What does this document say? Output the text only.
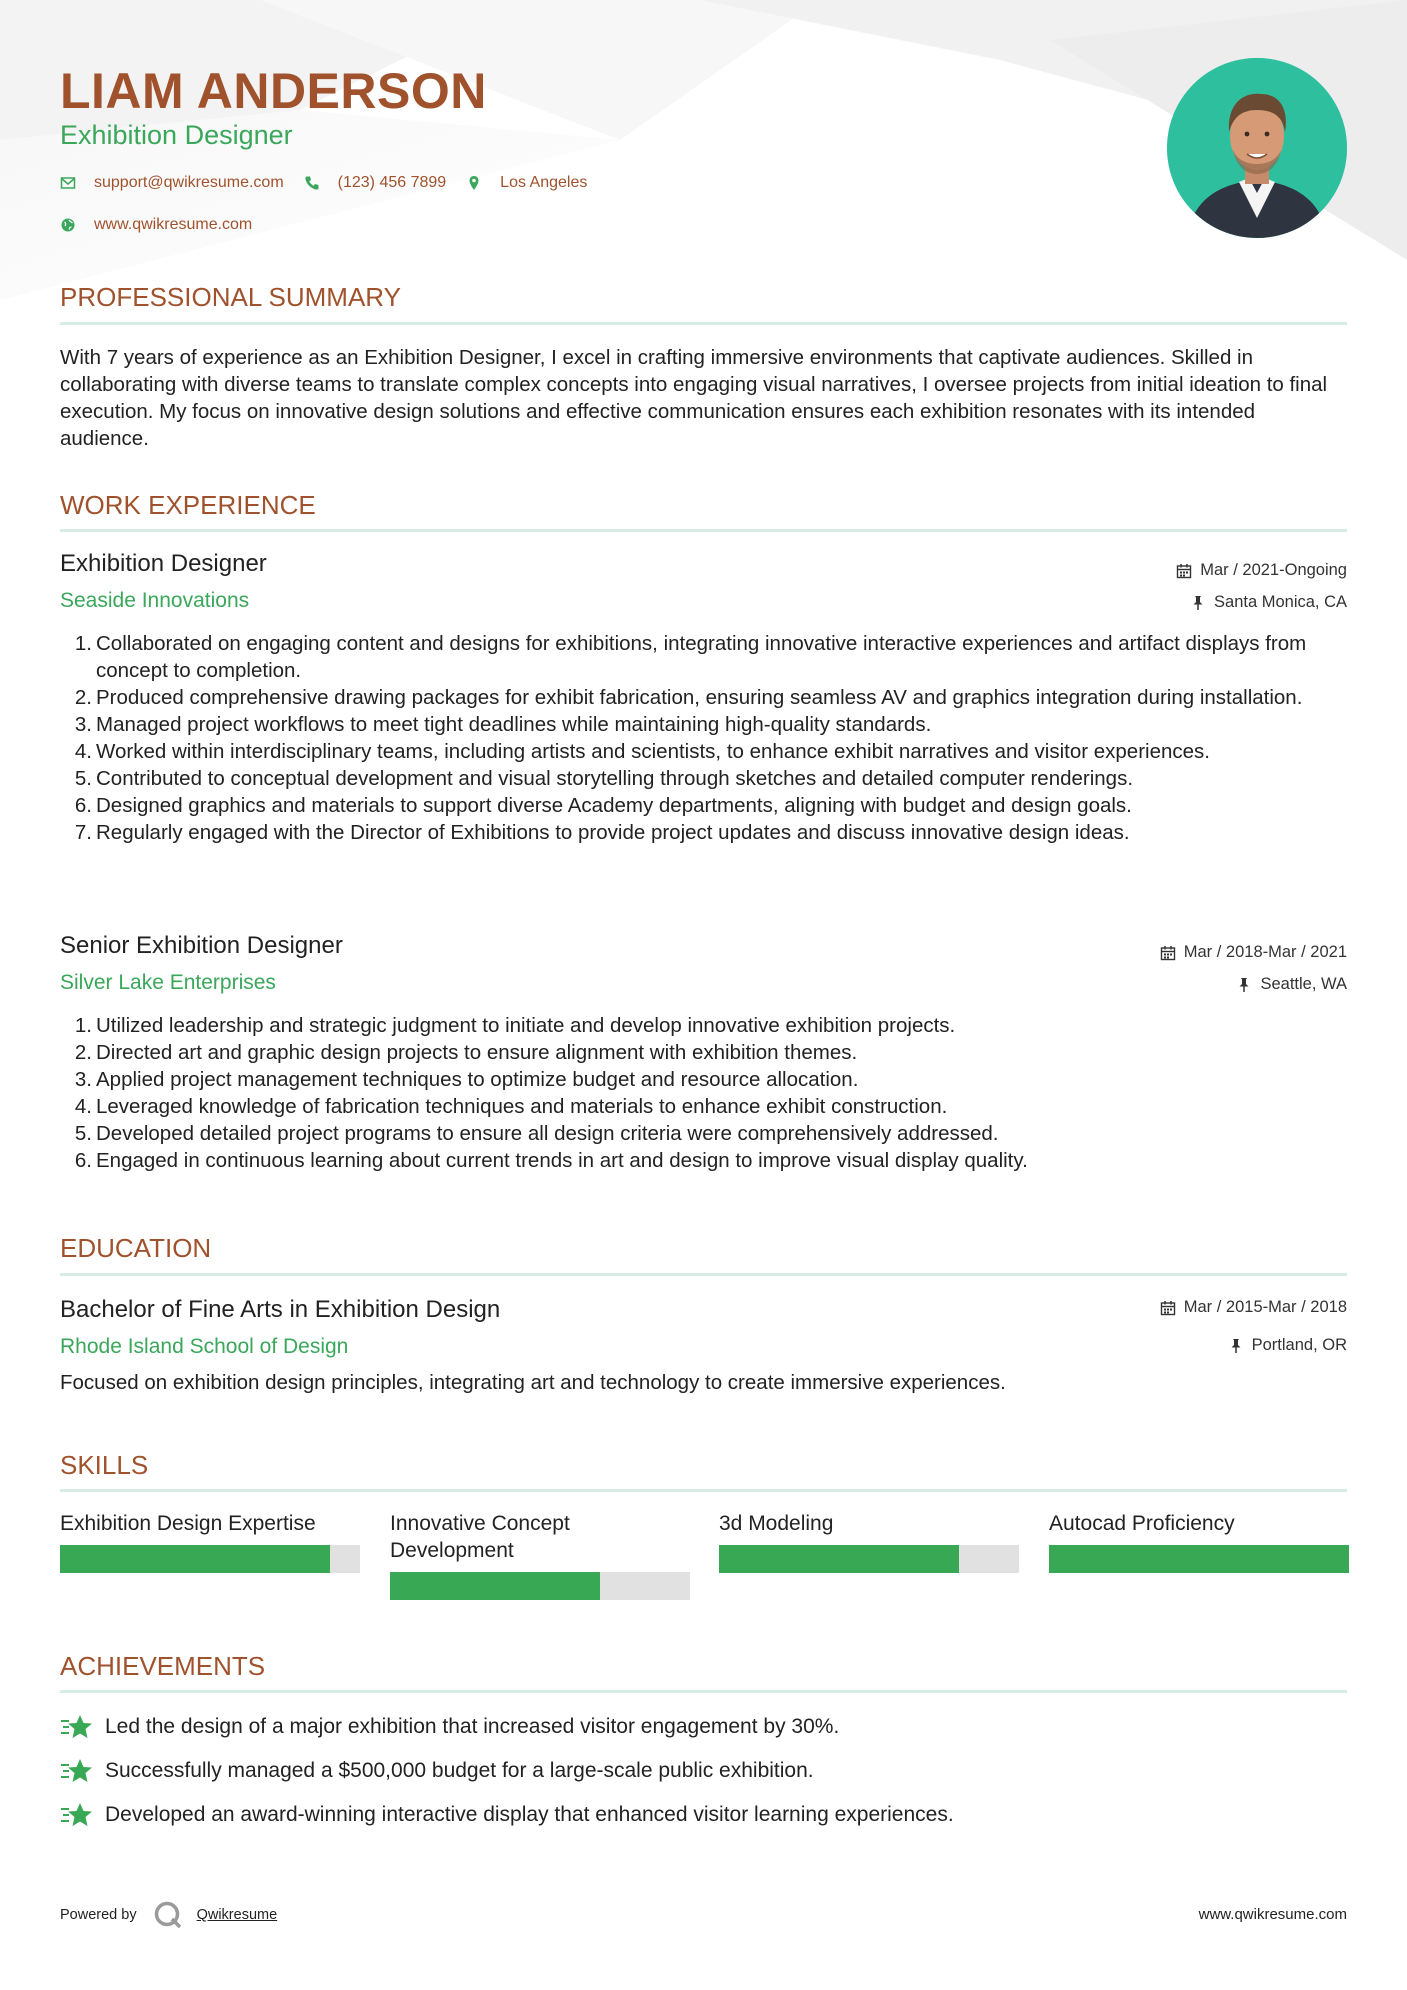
LIAM ANDERSON

Exhibition Designer

support@qwikresume.com	(123) 456 7899	Los Angeles
www.qwikresume.com
PROFESSIONAL SUMMARY

With 7 years of experience as an Exhibition Designer, I excel in crafting immersive environments that captivate audiences. Skilled in collaborating with diverse teams to translate complex concepts into engaging visual narratives, I oversee projects from initial ideation to final execution. My focus on innovative design solutions and effective communication ensures each exhibition resonates with its intended audience.

WORK EXPERIENCE
Exhibition Designer

Seaside Innovations

Mar / 2021-Ongoing
Santa Monica, CA
1. Collaborated on engaging content and designs for exhibitions, integrating innovative interactive experiences and artifact displays from concept to completion.
2. Produced comprehensive drawing packages for exhibit fabrication, ensuring seamless AV and graphics integration during installation.
3. Managed project workflows to meet tight deadlines while maintaining high-quality standards.
4. Worked within interdisciplinary teams, including artists and scientists, to enhance exhibit narratives and visitor experiences.
5. Contributed to conceptual development and visual storytelling through sketches and detailed computer renderings.
6. Designed graphics and materials to support diverse Academy departments, aligning with budget and design goals.
7. Regularly engaged with the Director of Exhibitions to provide project updates and discuss innovative design ideas.
Senior Exhibition Designer

Silver Lake Enterprises

Mar / 2018-Mar / 2021
Seattle, WA
1. Utilized leadership and strategic judgment to initiate and develop innovative exhibition projects.
2. Directed art and graphic design projects to ensure alignment with exhibition themes.
3. Applied project management techniques to optimize budget and resource allocation.
4. Leveraged knowledge of fabrication techniques and materials to enhance exhibit construction.
5. Developed detailed project programs to ensure all design criteria were comprehensively addressed.
6. Engaged in continuous learning about current trends in art and design to improve visual display quality.
EDUCATION
Bachelor of Fine Arts in Exhibition Design

Rhode Island School of Design

Mar / 2015-Mar / 2018
Portland, OR

Focused on exhibition design principles, integrating art and technology to create immersive experiences.

SKILLS
Exhibition Design Expertise	Innovative Concept Development
3d Modeling	Autocad Proficiency
ACHIEVEMENTS
Led the design of a major exhibition that increased visitor engagement by 30%.
Successfully managed a $500,000 budget for a large-scale public exhibition.
Developed an award-winning interactive display that enhanced visitor learning experiences.
Powered by	Qwikresume	www.qwikresume.com
